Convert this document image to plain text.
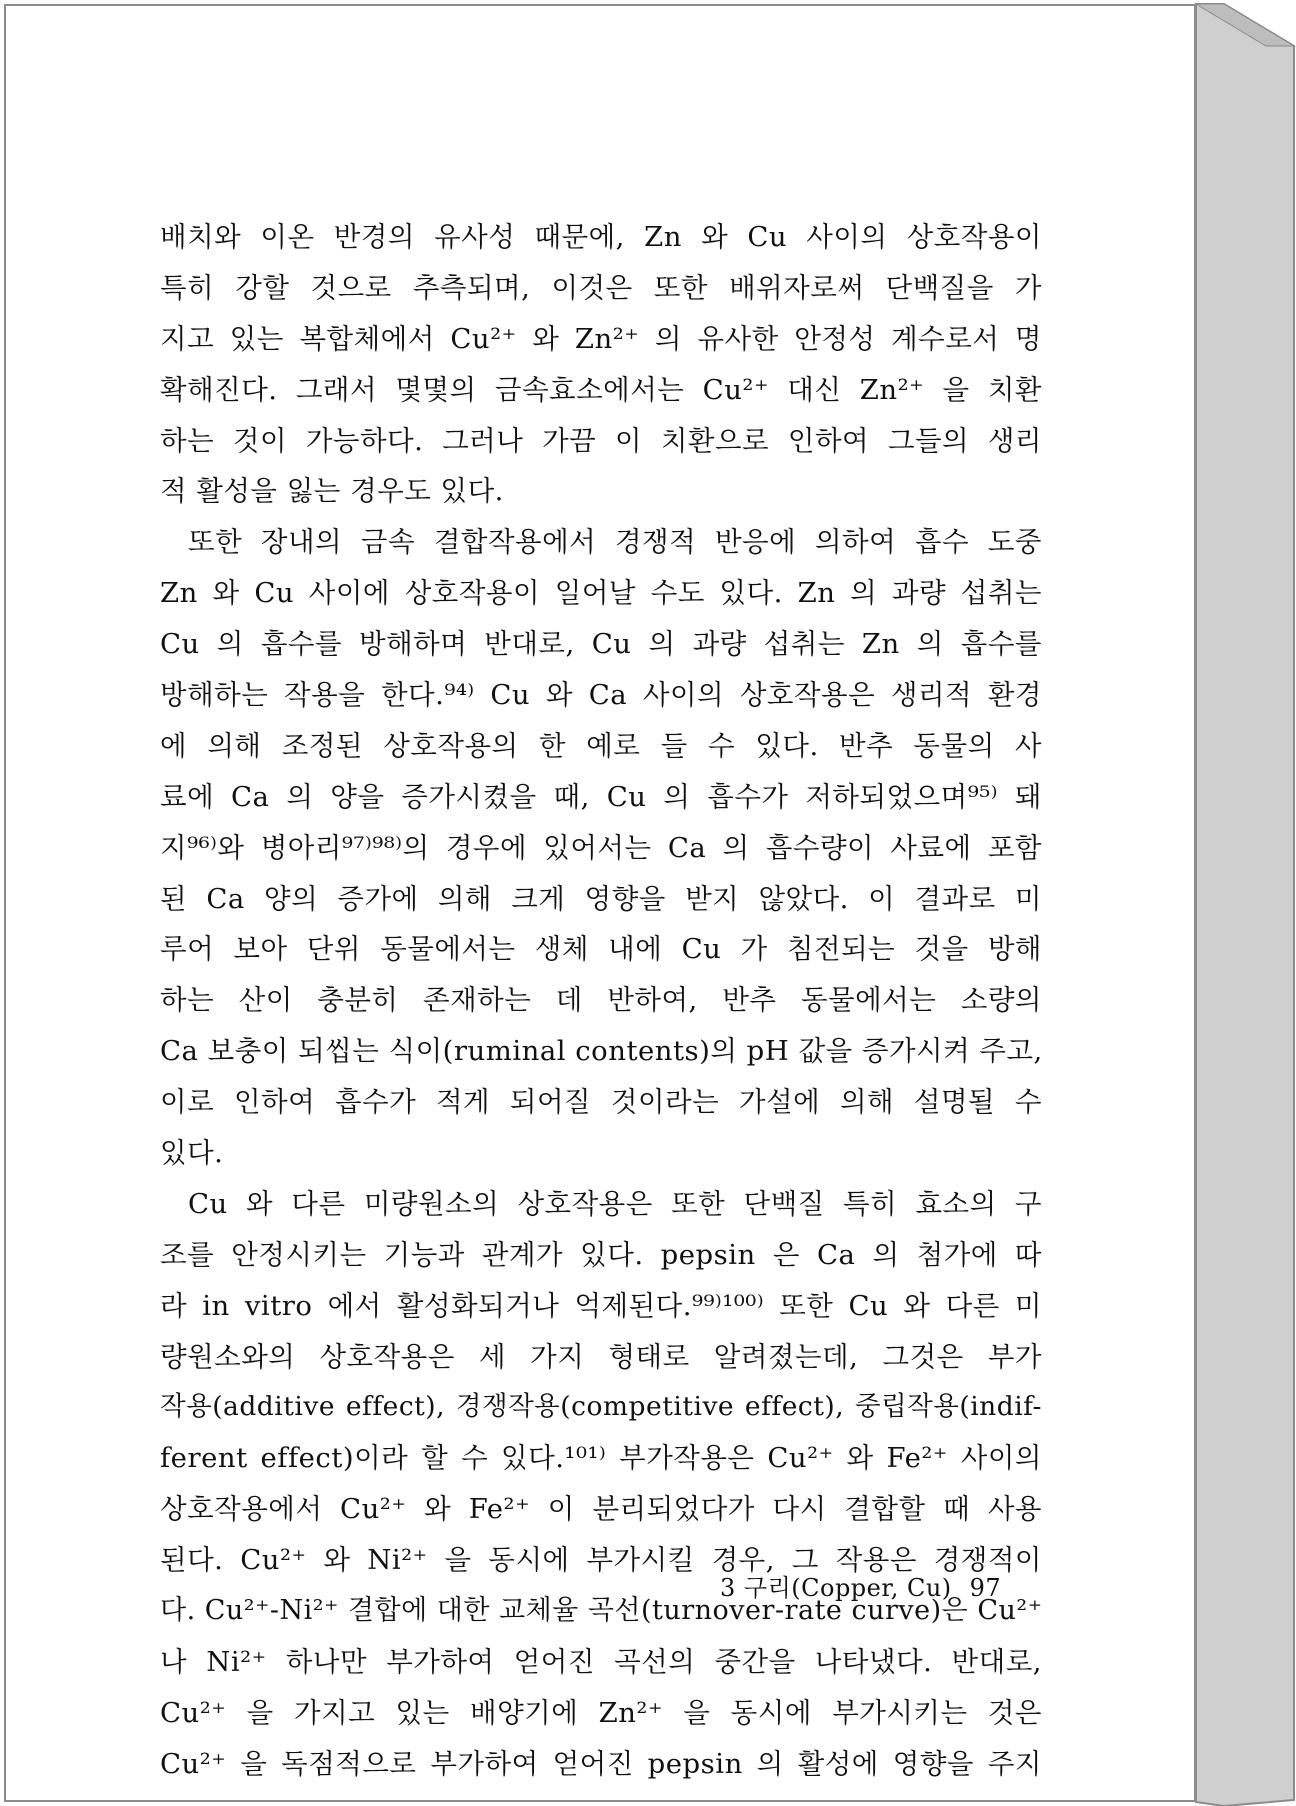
배치와 이온 반경의 유사성 때문에, Zn 와 Cu 사이의 상호작용이
특히 강할 것으로 추측되며, 이것은 또한 배위자로써 단백질을 가
지고 있는 복합체에서 Cu²⁺ 와 Zn²⁺ 의 유사한 안정성 계수로서 명
확해진다. 그래서 몇몇의 금속효소에서는 Cu²⁺ 대신 Zn²⁺ 을 치환
하는 것이 가능하다. 그러나 가끔 이 치환으로 인하여 그들의 생리
적 활성을 잃는 경우도 있다.
또한 장내의 금속 결합작용에서 경쟁적 반응에 의하여 흡수 도중
Zn 와 Cu 사이에 상호작용이 일어날 수도 있다. Zn 의 과량 섭취는
Cu 의 흡수를 방해하며 반대로, Cu 의 과량 섭취는 Zn 의 흡수를
방해하는 작용을 한다.⁹⁴⁾ Cu 와 Ca 사이의 상호작용은 생리적 환경
에 의해 조정된 상호작용의 한 예로 들 수 있다. 반추 동물의 사
료에 Ca 의 양을 증가시켰을 때, Cu 의 흡수가 저하되었으며⁹⁵⁾ 돼
지⁹⁶⁾와 병아리⁹⁷⁾⁹⁸⁾의 경우에 있어서는 Ca 의 흡수량이 사료에 포함
된 Ca 양의 증가에 의해 크게 영향을 받지 않았다. 이 결과로 미
루어 보아 단위 동물에서는 생체 내에 Cu 가 침전되는 것을 방해
하는 산이 충분히 존재하는 데 반하여, 반추 동물에서는 소량의
Ca 보충이 되씹는 식이(ruminal contents)의 pH 값을 증가시켜 주고,
이로 인하여 흡수가 적게 되어질 것이라는 가설에 의해 설명될 수
있다.
Cu 와 다른 미량원소의 상호작용은 또한 단백질 특히 효소의 구
조를 안정시키는 기능과 관계가 있다. pepsin 은 Ca 의 첨가에 따
라 in vitro 에서 활성화되거나 억제된다.⁹⁹⁾¹⁰⁰⁾ 또한 Cu 와 다른 미
량원소와의 상호작용은 세 가지 형태로 알려졌는데, 그것은 부가
작용(additive effect), 경쟁작용(competitive effect), 중립작용(indif-
ferent effect)이라 할 수 있다.¹⁰¹⁾ 부가작용은 Cu²⁺ 와 Fe²⁺ 사이의
상호작용에서 Cu²⁺ 와 Fe²⁺ 이 분리되었다가 다시 결합할 때 사용
된다. Cu²⁺ 와 Ni²⁺ 을 동시에 부가시킬 경우, 그 작용은 경쟁적이
다. Cu²⁺-Ni²⁺ 결합에 대한 교체율 곡선(turnover-rate curve)은 Cu²⁺
나 Ni²⁺ 하나만 부가하여 얻어진 곡선의 중간을 나타냈다. 반대로,
Cu²⁺ 을 가지고 있는 배양기에 Zn²⁺ 을 동시에 부가시키는 것은
Cu²⁺ 을 독점적으로 부가하여 얻어진 pepsin 의 활성에 영향을 주지
3 구리(Copper, Cu) 97
